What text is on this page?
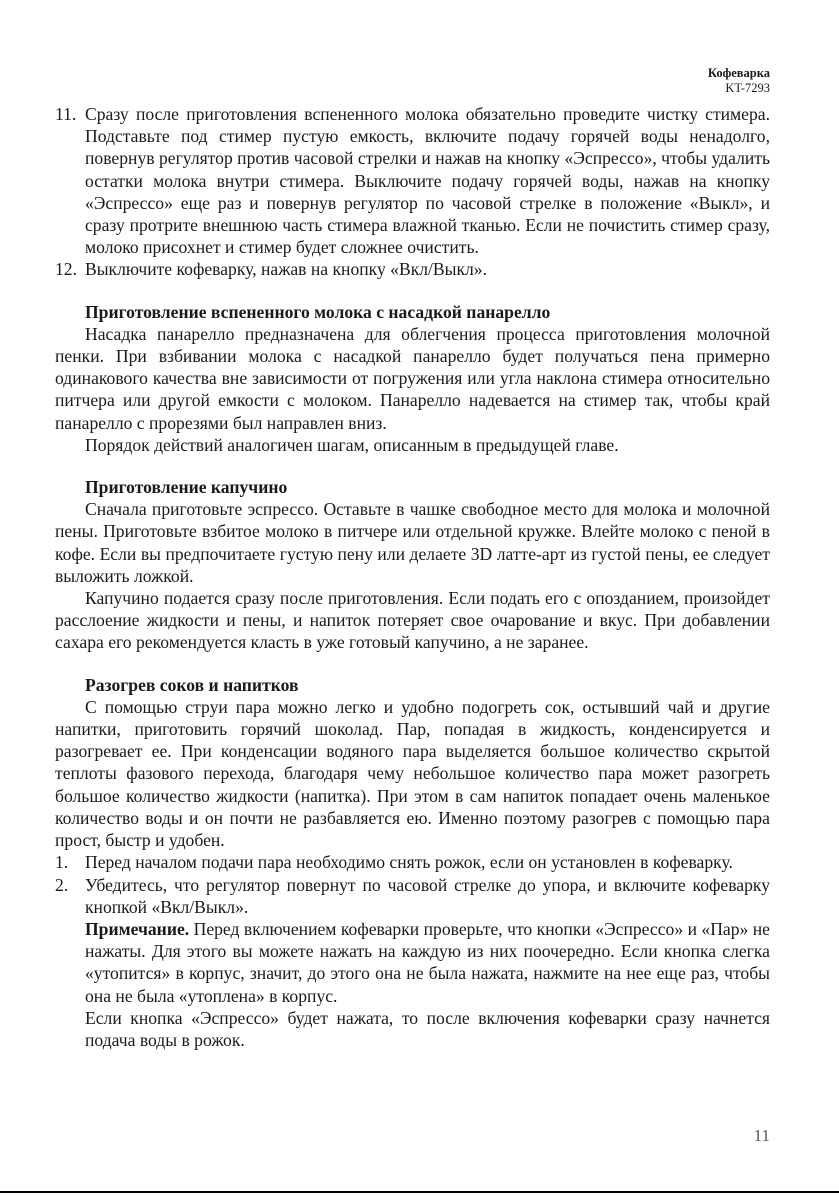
Кофеварка
KT-7293
11. Сразу после приготовления вспененного молока обязательно проведите чистку стимера. Подставьте под стимер пустую емкость, включите подачу горячей воды ненадолго, повернув регулятор против часовой стрелки и нажав на кнопку «Эспрессо», чтобы удалить остатки молока внутри стимера. Выключите подачу горячей воды, нажав на кнопку «Эспрессо» еще раз и повернув регулятор по часовой стрелке в положение «Выкл», и сразу протрите внешнюю часть стимера влажной тканью. Если не почистить стимер сразу, молоко присохнет и стимер будет сложнее очистить.
12. Выключите кофеварку, нажав на кнопку «Вкл/Выкл».

Приготовление вспененного молока с насадкой панарелло

Насадка панарелло предназначена для облегчения процесса приготовления молочной пенки. При взбивании молока с насадкой панарелло будет получаться пена примерно одинакового качества вне зависимости от погружения или угла наклона стимера относительно питчера или другой емкости с молоком. Панарелло надевается на стимер так, чтобы край панарелло с прорезями был направлен вниз.

Порядок действий аналогичен шагам, описанным в предыдущей главе.

Приготовление капучино

Сначала приготовьте эспрессо. Оставьте в чашке свободное место для молока и молочной пены. Приготовьте взбитое молоко в питчере или отдельной кружке. Влейте молоко с пеной в кофе. Если вы предпочитаете густую пену или делаете 3D латте-арт из густой пены, ее следует выложить ложкой.

Капучино подается сразу после приготовления. Если подать его с опозданием, произойдет расслоение жидкости и пены, и напиток потеряет свое очарование и вкус. При добавлении сахара его рекомендуется класть в уже готовый капучино, а не заранее.

Разогрев соков и напитков

С помощью струи пара можно легко и удобно подогреть сок, остывший чай и другие напитки, приготовить горячий шоколад. Пар, попадая в жидкость, конденсируется и разогревает ее. При конденсации водяного пара выделяется большое количество скрытой теплоты фазового перехода, благодаря чему небольшое количество пара может разогреть большое количество жидкости (напитка). При этом в сам напиток попадает очень маленькое количество воды и он почти не разбавляется ею. Именно поэтому разогрев с помощью пара прост, быстр и удобен.

1. Перед началом подачи пара необходимо снять рожок, если он установлен в кофеварку.
2. Убедитесь, что регулятор повернут по часовой стрелке до упора, и включите кофеварку кнопкой «Вкл/Выкл».

Примечание. Перед включением кофеварки проверьте, что кнопки «Эспрессо» и «Пар» не нажаты. Для этого вы можете нажать на каждую из них поочередно. Если кнопка слегка «утопится» в корпус, значит, до этого она не была нажата, нажмите на нее еще раз, чтобы она не была «утоплена» в корпус.

Если кнопка «Эспрессо» будет нажата, то после включения кофеварки сразу начнется подача воды в рожок.

11
